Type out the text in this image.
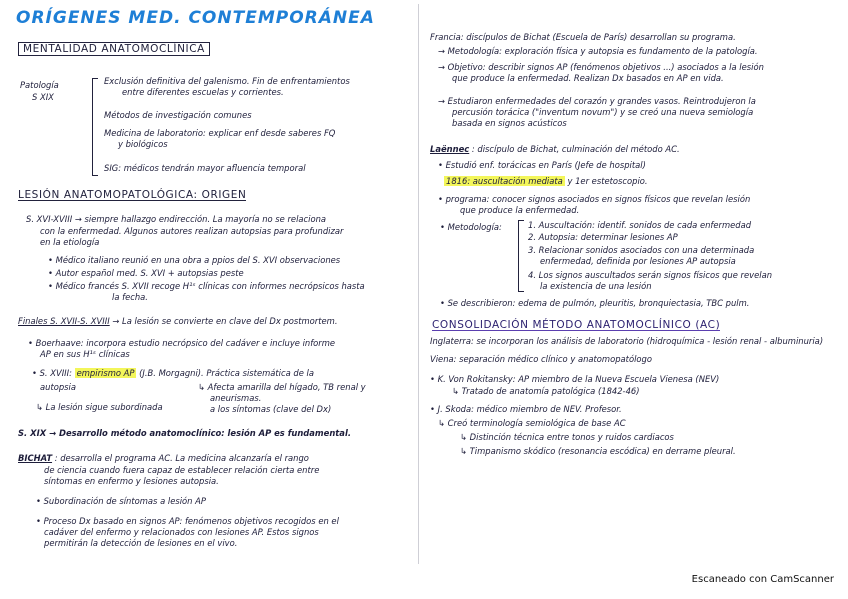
ORÍGENES MED. CONTEMPORÁNEA
MENTALIDAD ANATOMOCLÍNICA
Patología
S XIX
Exclusión definitiva del galenismo. Fin de enfrentamientos
entre diferentes escuelas y corrientes.
Métodos de investigación comunes
Medicina de laboratorio: explicar enf desde saberes FQ
y biológicos
SIG: médicos tendrán mayor afluencia temporal
LESIÓN ANATOMOPATOLÓGICA: ORIGEN
S. XVI-XVIII → siempre hallazgo endirección. La mayoría no se relaciona
con la enfermedad. Algunos autores realizan autopsias para profundizar
en la etiología
• Médico italiano reunió en una obra a ppios del S. XVI observaciones
• Autor español med. S. XVI + autopsias peste
• Médico francés S. XVII recoge H¹ˢ clínicas con informes necrópsicos hasta
la fecha.
Finales S. XVII-S. XVIII → La lesión se convierte en clave del Dx postmortem.
• Boerhaave: incorpora estudio necrópsico del cadáver e incluye informe
AP en sus H¹ˢ clínicas
• S. XVIII: empirismo AP (J.B. Morgagni). Práctica sistemática de la
autopsia	↳ Afecta amarilla del hígado, TB renal y
aneurismas.
↳ La lesión sigue subordinada	a los síntomas (clave del Dx)
S. XIX → Desarrollo método anatomoclínico: lesión AP es fundamental.
BICHAT : desarrolla el programa AC. La medicina alcanzaría el rango
de ciencia cuando fuera capaz de establecer relación cierta entre
síntomas en enfermo y lesiones autopsia.
• Subordinación de síntomas a lesión AP
• Proceso Dx basado en signos AP: fenómenos objetivos recogidos en el
cadáver del enfermo y relacionados con lesiones AP. Estos signos
permitirán la detección de lesiones en el vivo.
Francia: discípulos de Bichat (Escuela de París) desarrollan su programa.
→ Metodología: exploración física y autopsia es fundamento de la patología.
→ Objetivo: describir signos AP (fenómenos objetivos ...) asociados a la lesión
que produce la enfermedad. Realizan Dx basados en AP en vida.
→ Estudiaron enfermedades del corazón y grandes vasos. Reintrodujeron la
percusión torácica ("inventum novum") y se creó una nueva semiología
basada en signos acústicos
Laënnec : discípulo de Bichat, culminación del método AC.
• Estudió enf. torácicas en París (Jefe de hospital)
1816: auscultación mediata y 1er estetoscopio.
• programa: conocer signos asociados en signos físicos que revelan lesión
que produce la enfermedad.
• Metodología:	1. Auscultación: identif. sonidos de cada enfermedad
2. Autopsia: determinar lesiones AP
3. Relacionar sonidos asociados con una determinada
enfermedad, definida por lesiones AP autopsia
4. Los signos auscultados serán signos físicos que revelan
la existencia de una lesión
• Se describieron: edema de pulmón, pleuritis, bronquiectasia, TBC pulm.
CONSOLIDACIÓN MÉTODO ANATOMOCLÍNICO (AC)
Inglaterra: se incorporan los análisis de laboratorio (hidroquímica - lesión renal - albuminuria)
Viena: separación médico clínico y anatomopatólogo
• K. Von Rokitansky: AP miembro de la Nueva Escuela Vienesa (NEV)
↳ Tratado de anatomía patológica (1842-46)
• J. Skoda: médico miembro de NEV. Profesor.
↳ Creó terminología semiológica de base AC
↳ Distinción técnica entre tonos y ruidos cardiacos
↳ Timpanismo skódico (resonancia escódica) en derrame pleural.
Escaneado con CamScanner
